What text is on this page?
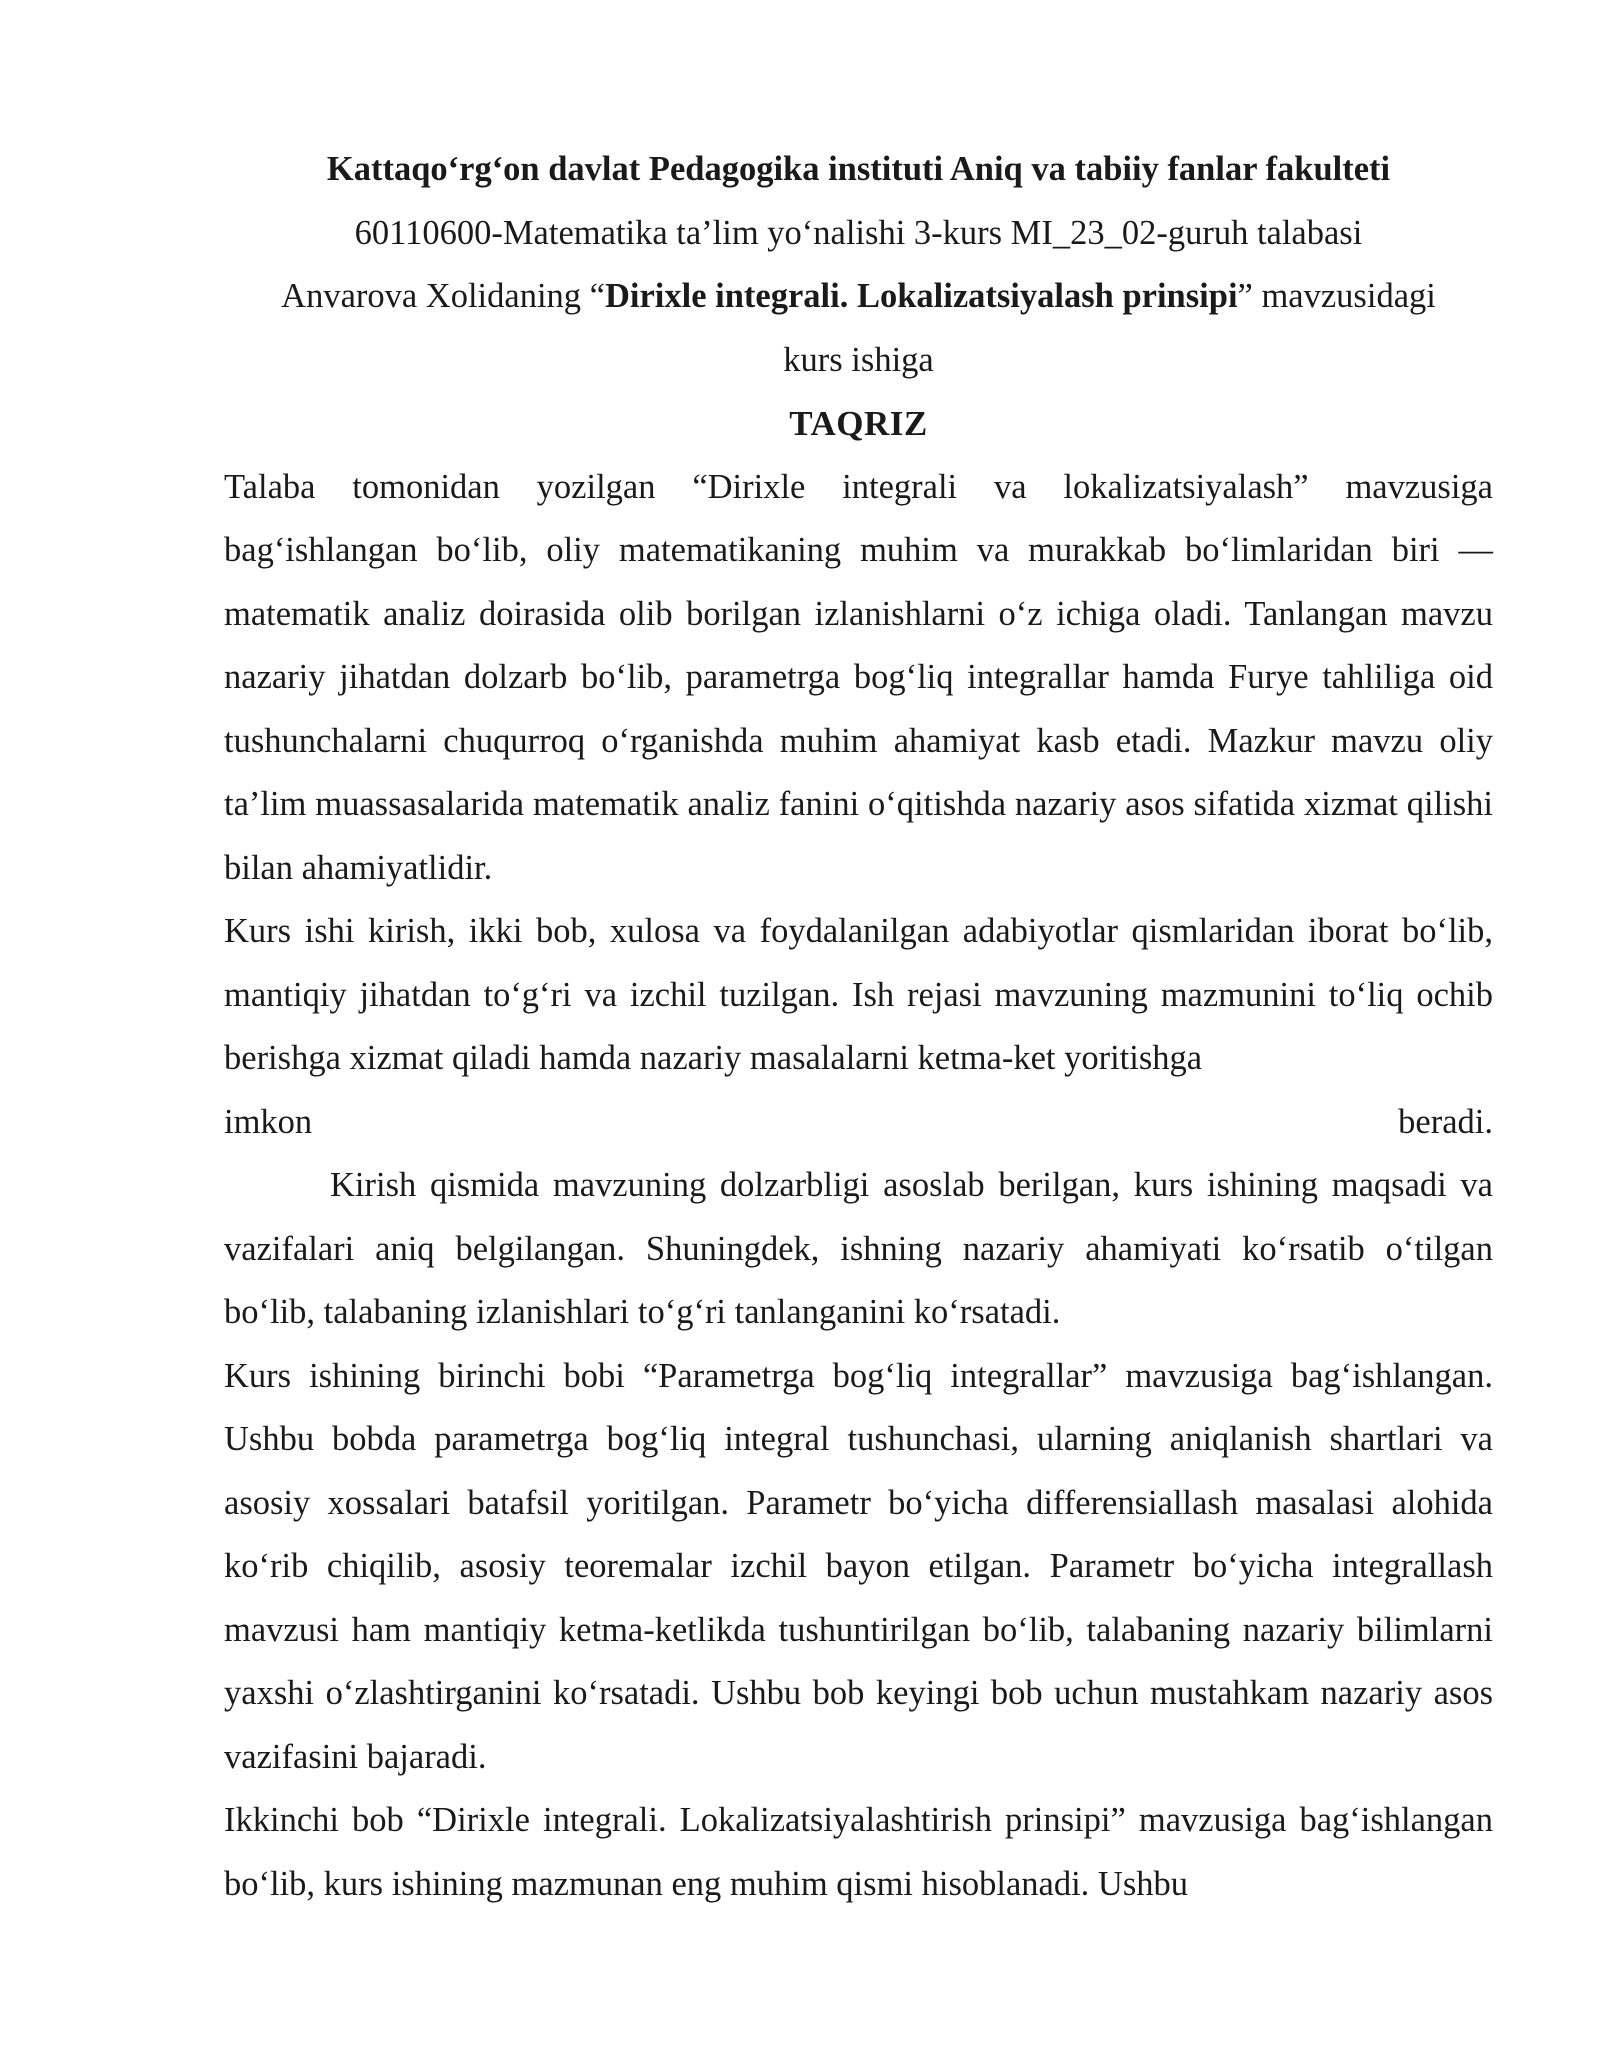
Kattaqo‘rg‘on davlat Pedagogika instituti Aniq va tabiiy fanlar fakulteti

60110600-Matematika ta’lim yo‘nalishi 3-kurs MI_23_02-guruh talabasi

Anvarova Xolidaning “Dirixle integrali. Lokalizatsiyalash prinsipi” mavzusidagi

kurs ishiga

TAQRIZ

Talaba tomonidan yozilgan “Dirixle integrali va lokalizatsiyalash” mavzusiga bag‘ishlangan bo‘lib, oliy matematikaning muhim va murakkab bo‘limlaridan biri — matematik analiz doirasida olib borilgan izlanishlarni o‘z ichiga oladi. Tanlangan mavzu nazariy jihatdan dolzarb bo‘lib, parametrga bog‘liq integrallar hamda Furye tahliliga oid tushunchalarni chuqurroq o‘rganishda muhim ahamiyat kasb etadi. Mazkur mavzu oliy ta’lim muassasalarida matematik analiz fanini o‘qitishda nazariy asos sifatida xizmat qilishi bilan ahamiyatlidir.

Kurs ishi kirish, ikki bob, xulosa va foydalanilgan adabiyotlar qismlaridan iborat bo‘lib, mantiqiy jihatdan to‘g‘ri va izchil tuzilgan. Ish rejasi mavzuning mazmunini to‘liq ochib berishga xizmat qiladi hamda nazariy masalalarni ketma-ket yoritishga

imkon	beradi.

Kirish qismida mavzuning dolzarbligi asoslab berilgan, kurs ishining maqsadi va vazifalari aniq belgilangan. Shuningdek, ishning nazariy ahamiyati ko‘rsatib o‘tilgan bo‘lib, talabaning izlanishlari to‘g‘ri tanlanganini ko‘rsatadi.

Kurs ishining birinchi bobi “Parametrga bog‘liq integrallar” mavzusiga bag‘ishlangan. Ushbu bobda parametrga bog‘liq integral tushunchasi, ularning aniqlanish shartlari va asosiy xossalari batafsil yoritilgan. Parametr bo‘yicha differensiallash masalasi alohida ko‘rib chiqilib, asosiy teoremalar izchil bayon etilgan. Parametr bo‘yicha integrallash mavzusi ham mantiqiy ketma-ketlikda tushuntirilgan bo‘lib, talabaning nazariy bilimlarni yaxshi o‘zlashtirganini ko‘rsatadi. Ushbu bob keyingi bob uchun mustahkam nazariy asos vazifasini bajaradi.

Ikkinchi bob “Dirixle integrali. Lokalizatsiyalashtirish prinsipi” mavzusiga bag‘ishlangan bo‘lib, kurs ishining mazmunan eng muhim qismi hisoblanadi. Ushbu
